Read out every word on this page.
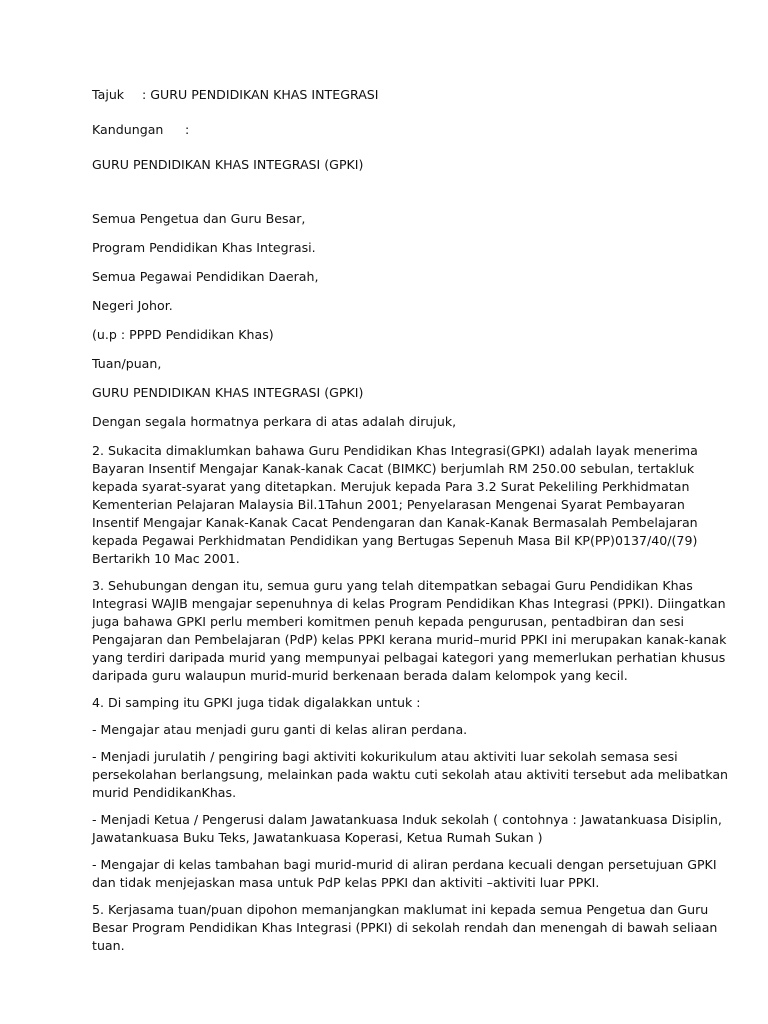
Tajuk : GURU PENDIDIKAN KHAS INTEGRASI
Kandungan :
GURU PENDIDIKAN KHAS INTEGRASI (GPKI)
Semua Pengetua dan Guru Besar,
Program Pendidikan Khas Integrasi.
Semua Pegawai Pendidikan Daerah,
Negeri Johor.
(u.p : PPPD Pendidikan Khas)
Tuan/puan,
GURU PENDIDIKAN KHAS INTEGRASI (GPKI)
Dengan segala hormatnya perkara di atas adalah dirujuk,
2. Sukacita dimaklumkan bahawa Guru Pendidikan Khas Integrasi(GPKI) adalah layak menerima
Bayaran Insentif Mengajar Kanak-kanak Cacat (BIMKC) berjumlah RM 250.00 sebulan, tertakluk
kepada syarat-syarat yang ditetapkan. Merujuk kepada Para 3.2 Surat Pekeliling Perkhidmatan
Kementerian Pelajaran Malaysia Bil.1Tahun 2001; Penyelarasan Mengenai Syarat Pembayaran
Insentif Mengajar Kanak-Kanak Cacat Pendengaran dan Kanak-Kanak Bermasalah Pembelajaran
kepada Pegawai Perkhidmatan Pendidikan yang Bertugas Sepenuh Masa Bil KP(PP)0137/40/(79)
Bertarikh 10 Mac 2001.
3. Sehubungan dengan itu, semua guru yang telah ditempatkan sebagai Guru Pendidikan Khas
Integrasi WAJIB mengajar sepenuhnya di kelas Program Pendidikan Khas Integrasi (PPKI). Diingatkan
juga bahawa GPKI perlu memberi komitmen penuh kepada pengurusan, pentadbiran dan sesi
Pengajaran dan Pembelajaran (PdP) kelas PPKI kerana murid–murid PPKI ini merupakan kanak-kanak
yang terdiri daripada murid yang mempunyai pelbagai kategori yang memerlukan perhatian khusus
daripada guru walaupun murid-murid berkenaan berada dalam kelompok yang kecil.
4. Di samping itu GPKI juga tidak digalakkan untuk :
- Mengajar atau menjadi guru ganti di kelas aliran perdana.
- Menjadi jurulatih / pengiring bagi aktiviti kokurikulum atau aktiviti luar sekolah semasa sesi
persekolahan berlangsung, melainkan pada waktu cuti sekolah atau aktiviti tersebut ada melibatkan
murid PendidikanKhas.
- Menjadi Ketua / Pengerusi dalam Jawatankuasa Induk sekolah ( contohnya : Jawatankuasa Disiplin,
Jawatankuasa Buku Teks, Jawatankuasa Koperasi, Ketua Rumah Sukan )
- Mengajar di kelas tambahan bagi murid-murid di aliran perdana kecuali dengan persetujuan GPKI
dan tidak menjejaskan masa untuk PdP kelas PPKI dan aktiviti –aktiviti luar PPKI.
5. Kerjasama tuan/puan dipohon memanjangkan maklumat ini kepada semua Pengetua dan Guru
Besar Program Pendidikan Khas Integrasi (PPKI) di sekolah rendah dan menengah di bawah seliaan
tuan.
